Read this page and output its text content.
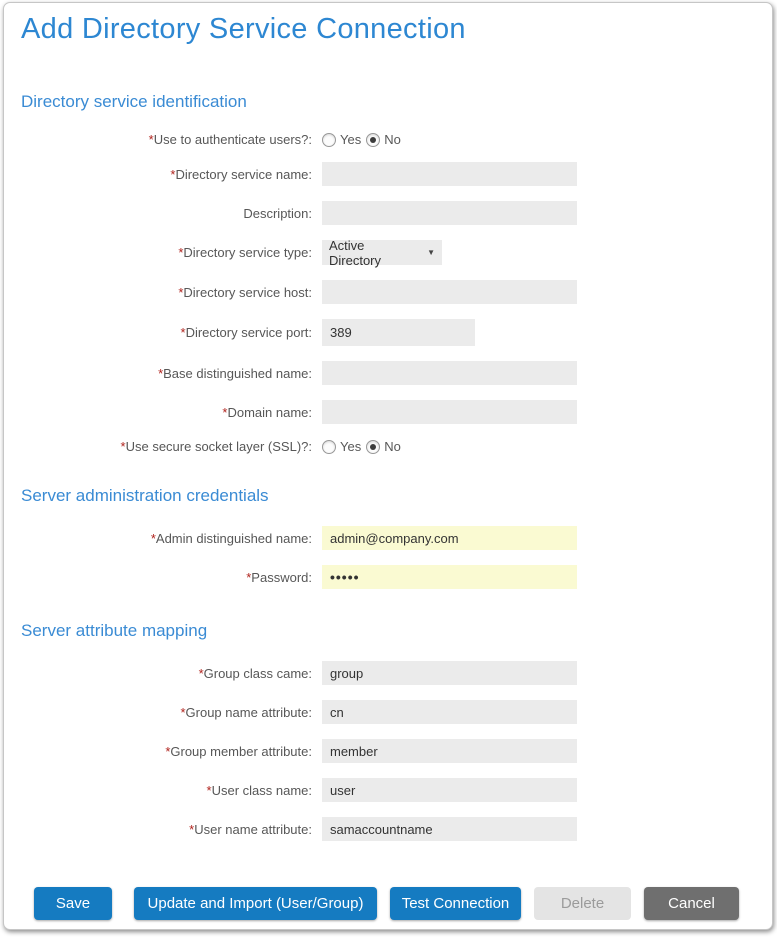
Add Directory Service Connection
Directory service identification
*Use to authenticate users?: Yes No
*Directory service name:
Description:
*Directory service type: Active Directory	▼
*Directory service host:
*Directory service port:
389
*Base distinguished name:
*Domain name:
*Use secure socket layer (SSL)?: Yes No
Server administration credentials
*Admin distinguished name:
admin@company.com
*Password:
•••••
Server attribute mapping
*Group class came:
group
*Group name attribute:
cn
*Group member attribute:
member
*User class name:
user
*User name attribute:
samaccountname
Save	Update and Import (User/Group)	Test Connection	Delete	Cancel
